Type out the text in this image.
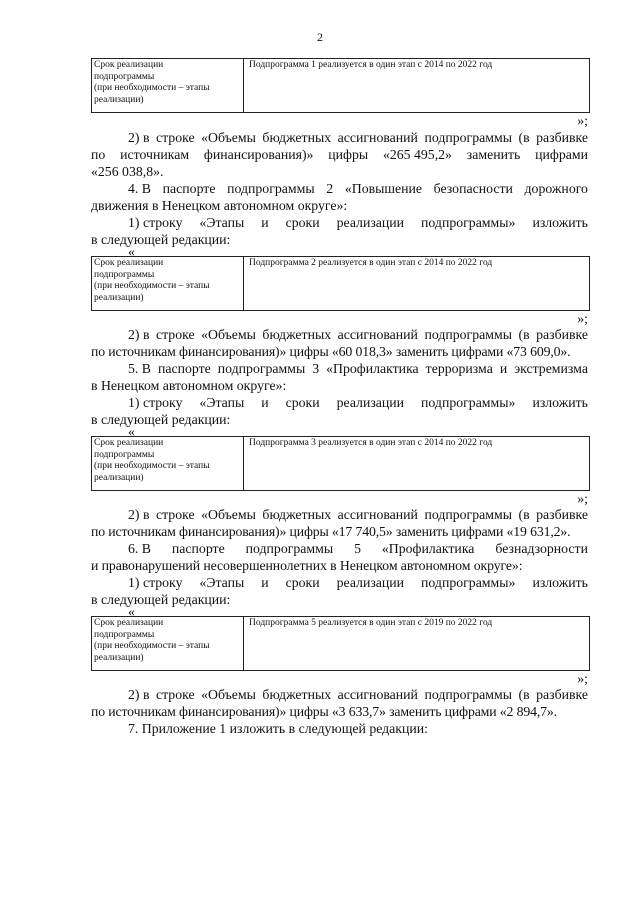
2
Срок реализации
подпрограммы
(при необходимости – этапы
реализации)
Подпрограмма 1 реализуется в один этап с 2014 по 2022 год
»;
2) в строке «Объемы бюджетных ассигнований подпрограммы (в разбивке
по источникам финансирования)» цифры «265 495,2» заменить цифрами
«256 038,8».
4. В паспорте подпрограммы 2 «Повышение безопасности дорожного
движения в Ненецком автономном округе»:
1) строку «Этапы и сроки реализации подпрограммы» изложить
в следующей редакции:
«
Срок реализации
подпрограммы
(при необходимости – этапы
реализации)
Подпрограмма 2 реализуется в один этап с 2014 по 2022 год
»;
2) в строке «Объемы бюджетных ассигнований подпрограммы (в разбивке
по источникам финансирования)» цифры «60 018,3» заменить цифрами «73 609,0».
5. В паспорте подпрограммы 3 «Профилактика терроризма и экстремизма
в Ненецком автономном округе»:
1) строку «Этапы и сроки реализации подпрограммы» изложить
в следующей редакции:
«
Срок реализации
подпрограммы
(при необходимости – этапы
реализации)
Подпрограмма 3 реализуется в один этап с 2014 по 2022 год
»;
2) в строке «Объемы бюджетных ассигнований подпрограммы (в разбивке
по источникам финансирования)» цифры «17 740,5» заменить цифрами «19 631,2».
6. В паспорте подпрограммы 5 «Профилактика безнадзорности
и правонарушений несовершеннолетних в Ненецком автономном округе»:
1) строку «Этапы и сроки реализации подпрограммы» изложить
в следующей редакции:
«
Срок реализации
подпрограммы
(при необходимости – этапы
реализации)
Подпрограмма 5 реализуется в один этап с 2019 по 2022 год
»;
2) в строке «Объемы бюджетных ассигнований подпрограммы (в разбивке
по источникам финансирования)» цифры «3 633,7» заменить цифрами «2 894,7».
7. Приложение 1 изложить в следующей редакции:
